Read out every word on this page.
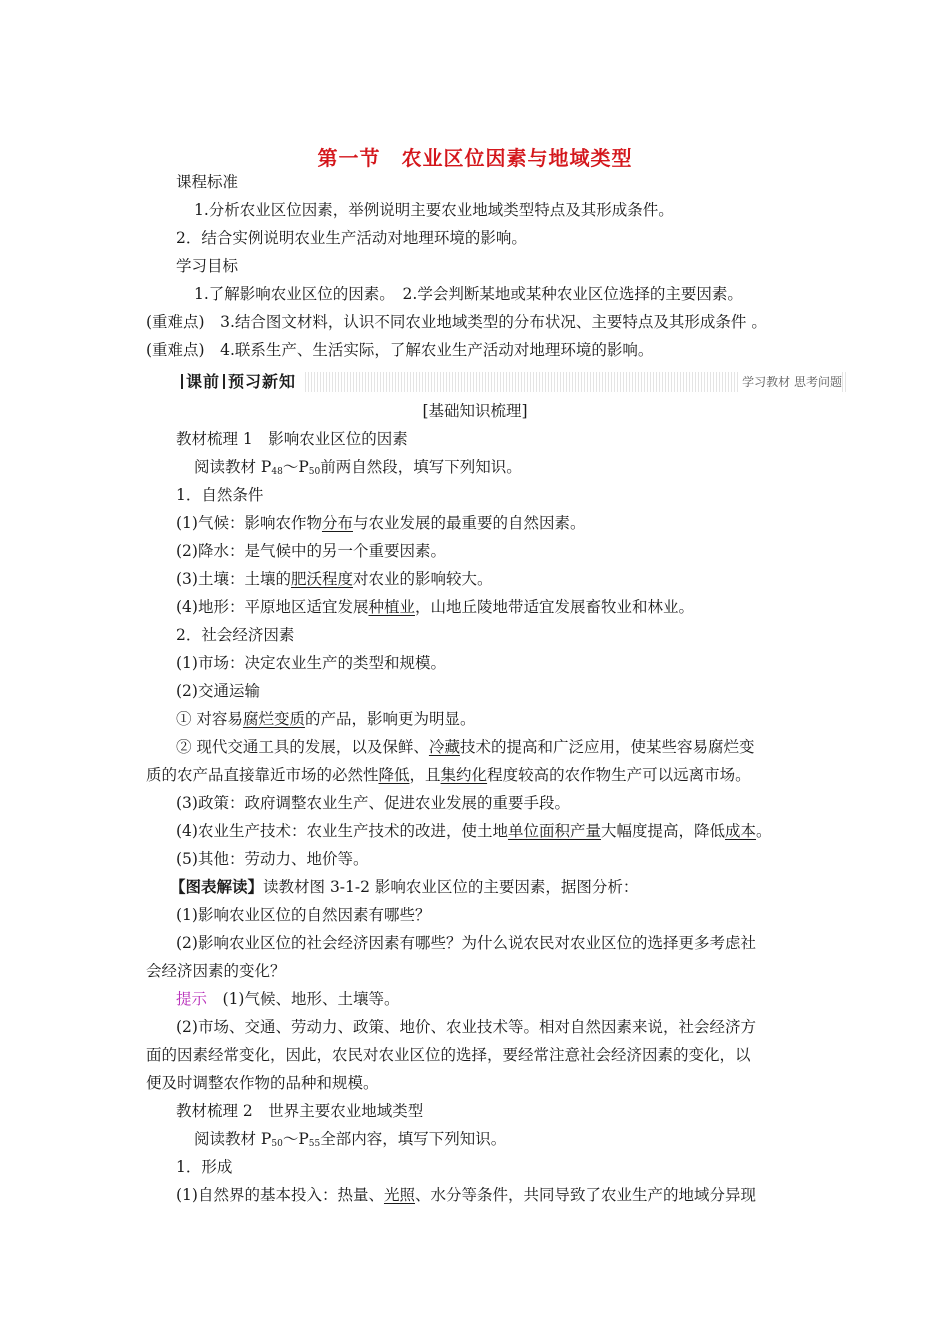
第一节　农业区位因素与地域类型
课程标准
1.分析农业区位因素，举例说明主要农业地域类型特点及其形成条件。
2．结合实例说明农业生产活动对地理环境的影响。
学习目标
1.了解影响农业区位的因素。　2.学会判断某地或某种农业区位选择的主要因素。
(重难点)　3.结合图文材料，认识不同农业地域类型的分布状况、主要特点及其形成条件 。
(重难点)　4.联系生产、生活实际，了解农业生产活动对地理环境的影响。
课前 预习新知	学习教材 思考问题
[基础知识梳理]
教材梳理 1　影响农业区位的因素
阅读教材 $P_{48}\sim P_{50}$前两自然段，填写下列知识。
1．自然条件
(1)气候：影响农作物分布与农业发展的最重要的自然因素。
(2)降水：是气候中的另一个重要因素。
(3)土壤：土壤的肥沃程度对农业的影响较大。
(4)地形：平原地区适宜发展种植业，山地丘陵地带适宜发展畜牧业和林业。
2．社会经济因素
(1)市场：决定农业生产的类型和规模。
(2)交通运输
① 对容易腐烂变质的产品，影响更为明显。
② 现代交通工具的发展，以及保鲜、冷藏技术的提高和广泛应用，使某些容易腐烂变
质的农产品直接靠近市场的必然性降低，且集约化程度较高的农作物生产可以远离市场。
(3)政策：政府调整农业生产、促进农业发展的重要手段。
(4)农业生产技术：农业生产技术的改进，使土地单位面积产量大幅度提高，降低成本。
(5)其他：劳动力、地价等。
【图表解读】读教材图 3-1-2 影响农业区位的主要因素，据图分析：
(1)影响农业区位的自然因素有哪些？
(2)影响农业区位的社会经济因素有哪些？为什么说农民对农业区位的选择更多考虑社
会经济因素的变化？
提示　(1)气候、地形、土壤等。
(2)市场、交通、劳动力、政策、地价、农业技术等。相对自然因素来说，社会经济方
面的因素经常变化，因此，农民对农业区位的选择，要经常注意社会经济因素的变化，以
便及时调整农作物的品种和规模。
教材梳理 2　世界主要农业地域类型
阅读教材 $P_{50}\sim P_{55}$全部内容，填写下列知识。
1．形成
(1)自然界的基本投入：热量、光照、水分等条件，共同导致了农业生产的地域分异现
